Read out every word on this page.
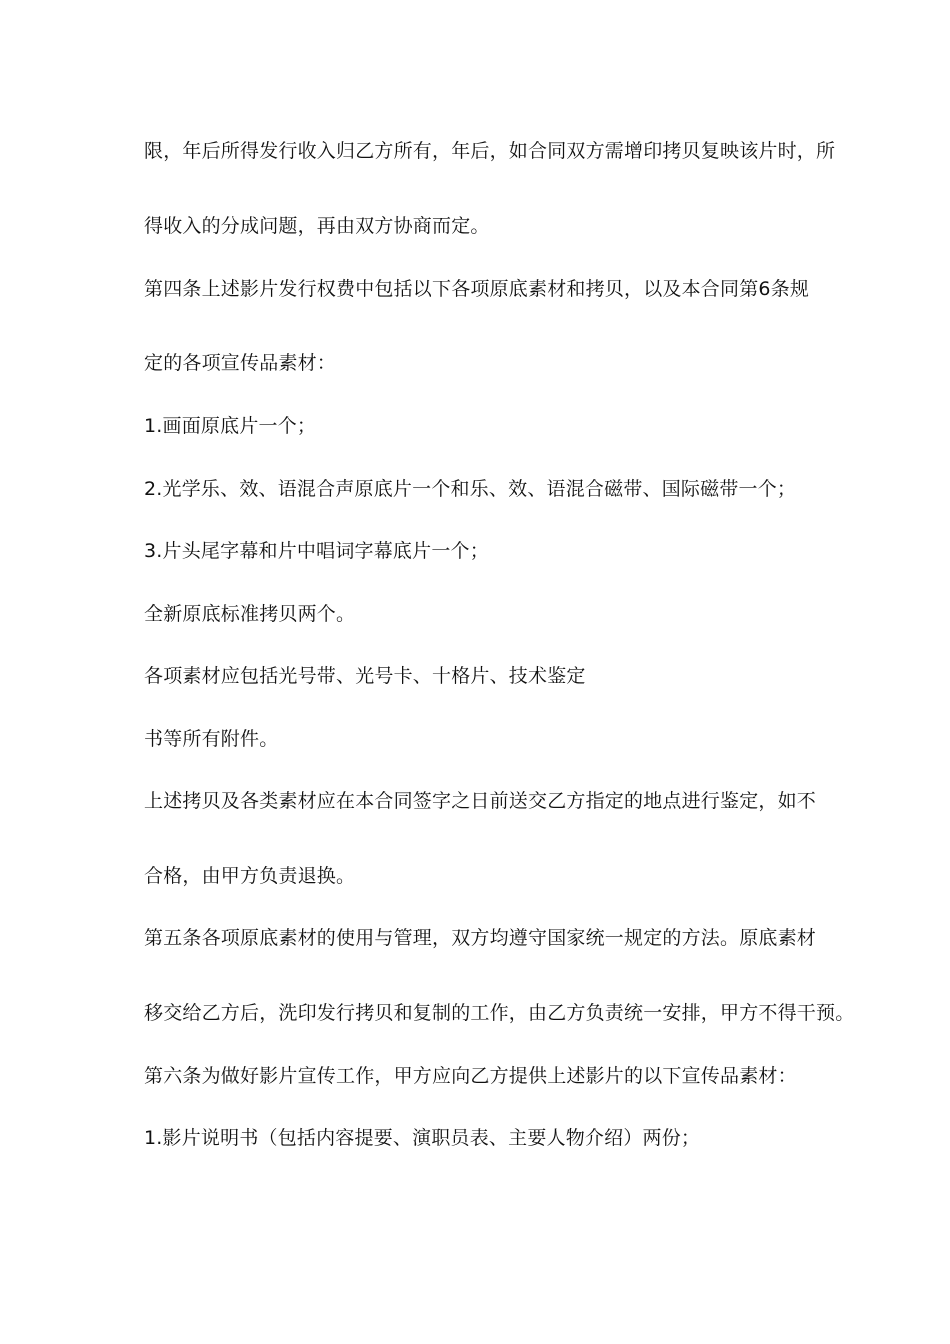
限，年后所得发行收入归乙方所有，年后，如合同双方需增印拷贝复映该片时，所
得收入的分成问题，再由双方协商而定。
第四条上述影片发行权费中包括以下各项原底素材和拷贝，以及本合同第6条规
定的各项宣传品素材：
1.画面原底片一个；
2.光学乐、效、语混合声原底片一个和乐、效、语混合磁带、国际磁带一个；
3.片头尾字幕和片中唱词字幕底片一个；
全新原底标准拷贝两个。
各项素材应包括光号带、光号卡、十格片、技术鉴定
书等所有附件。
上述拷贝及各类素材应在本合同签字之日前送交乙方指定的地点进行鉴定，如不
合格，由甲方负责退换。
第五条各项原底素材的使用与管理，双方均遵守国家统一规定的方法。原底素材
移交给乙方后，洗印发行拷贝和复制的工作，由乙方负责统一安排，甲方不得干预。
第六条为做好影片宣传工作，甲方应向乙方提供上述影片的以下宣传品素材：
1.影片说明书（包括内容提要、演职员表、主要人物介绍）两份；
